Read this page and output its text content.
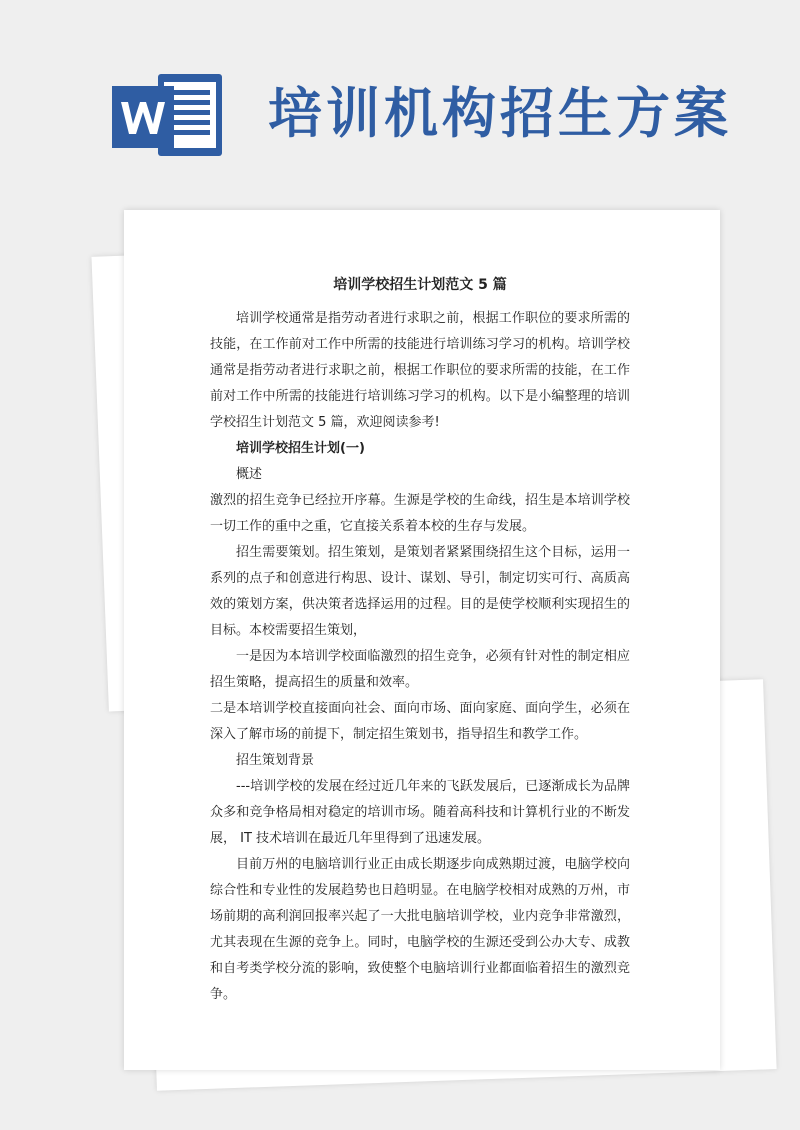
培训机构招生方案

培训学校招生计划范文 5 篇

培训学校通常是指劳动者进行求职之前，根据工作职位的要求所需的技能，在工作前对工作中所需的技能进行培训练习学习的机构。培训学校通常是指劳动者进行求职之前，根据工作职位的要求所需的技能，在工作前对工作中所需的技能进行培训练习学习的机构。以下是小编整理的培训学校招生计划范文 5 篇，欢迎阅读参考!

培训学校招生计划(一)

概述

激烈的招生竞争已经拉开序幕。生源是学校的生命线，招生是本培训学校一切工作的重中之重，它直接关系着本校的生存与发展。

招生需要策划。招生策划，是策划者紧紧围绕招生这个目标，运用一系列的点子和创意进行构思、设计、谋划、导引，制定切实可行、高质高效的策划方案，供决策者选择运用的过程。目的是使学校顺利实现招生的目标。本校需要招生策划，

一是因为本培训学校面临激烈的招生竞争，必须有针对性的制定相应招生策略，提高招生的质量和效率。

二是本培训学校直接面向社会、面向市场、面向家庭、面向学生，必须在深入了解市场的前提下，制定招生策划书，指导招生和教学工作。

招生策划背景

---培训学校的发展在经过近几年来的飞跃发展后，已逐渐成长为品牌众多和竞争格局相对稳定的培训市场。随着高科技和计算机行业的不断发展， IT 技术培训在最近几年里得到了迅速发展。

目前万州的电脑培训行业正由成长期逐步向成熟期过渡，电脑学校向综合性和专业性的发展趋势也日趋明显。在电脑学校相对成熟的万州，市场前期的高利润回报率兴起了一大批电脑培训学校，业内竞争非常激烈，尤其表现在生源的竞争上。同时，电脑学校的生源还受到公办大专、成教和自考类学校分流的影响，致使整个电脑培训行业都面临着招生的激烈竞争。
